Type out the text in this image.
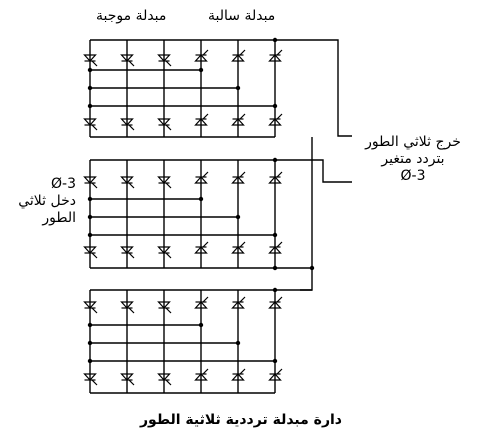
مبدلة موجبة	مبدلة سالبة
3-Ø
دخل ثلاثي
الطور
خرج ثلاثي الطور
بتردد متغير
3-Ø
دارة مبدلة ترددية ثلاثية الطور
